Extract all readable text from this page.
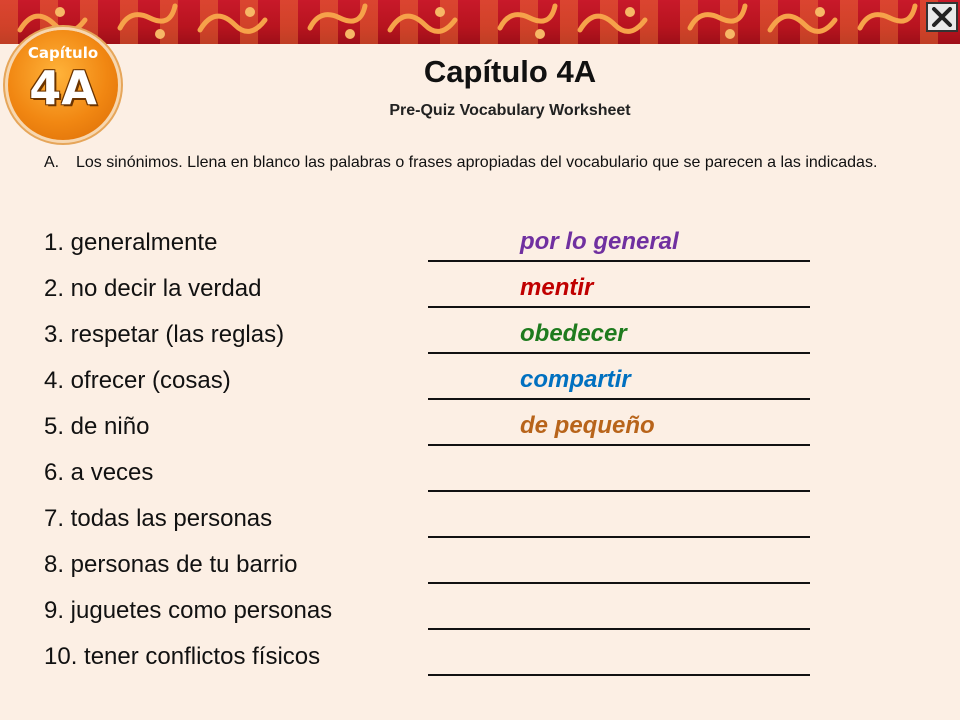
Capítulo
4A	Capítulo 4A
Pre-Quiz Vocabulary Worksheet
A. Los sinónimos. Llena en blanco las palabras o frases apropiadas del vocabulario que se parecen a las indicadas.
1. generalmente	por lo general
2. no decir la verdad	mentir
3. respetar (las reglas)	obedecer
4. ofrecer (cosas)	compartir
5. de niño	de pequeño
6. a veces
7. todas las personas
8. personas de tu barrio
9. juguetes como personas
10. tener conflictos físicos
